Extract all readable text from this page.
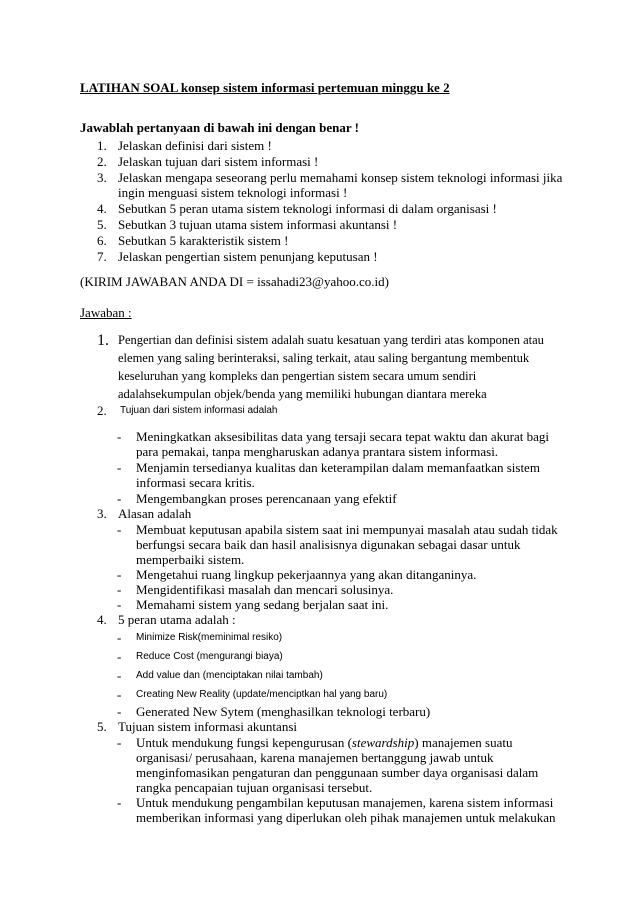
LATIHAN SOAL konsep sistem informasi pertemuan minggu ke 2
Jawablah pertanyaan di bawah ini dengan benar !
1. Jelaskan definisi dari sistem !
2. Jelaskan tujuan dari sistem informasi !
3. Jelaskan mengapa seseorang perlu memahami konsep sistem teknologi informasi jika
ingin menguasi sistem teknologi informasi !
4. Sebutkan 5 peran utama sistem teknologi informasi di dalam organisasi !
5. Sebutkan 3 tujuan utama sistem informasi akuntansi !
6. Sebutkan 5 karakteristik sistem !
7. Jelaskan pengertian sistem penunjang keputusan !
(KIRIM JAWABAN ANDA DI = issahadi23@yahoo.co.id)
Jawaban :
1. Pengertian dan definisi sistem adalah suatu kesatuan yang terdiri atas komponen atau
elemen yang saling berinteraksi, saling terkait, atau saling bergantung membentuk
keseluruhan yang kompleks dan pengertian sistem secara umum sendiri
adalahsekumpulan objek/benda yang memiliki hubungan diantara mereka
2. Tujuan dari sistem informasi adalah
- Meningkatkan aksesibilitas data yang tersaji secara tepat waktu dan akurat bagi
para pemakai, tanpa mengharuskan adanya prantara sistem informasi.
- Menjamin tersedianya kualitas dan keterampilan dalam memanfaatkan sistem
informasi secara kritis.
- Mengembangkan proses perencanaan yang efektif
3. Alasan adalah
- Membuat keputusan apabila sistem saat ini mempunyai masalah atau sudah tidak
berfungsi secara baik dan hasil analisisnya digunakan sebagai dasar untuk
memperbaiki sistem.
- Mengetahui ruang lingkup pekerjaannya yang akan ditanganinya.
- Mengidentifikasi masalah dan mencari solusinya.
- Memahami sistem yang sedang berjalan saat ini.
4. 5 peran utama adalah :
- Minimize Risk(meminimal resiko)
- Reduce Cost (mengurangi biaya)
- Add value dan (menciptakan nilai tambah)
- Creating New Reality (update/menciptkan hal yang baru)
- Generated New Sytem (menghasilkan teknologi terbaru)
5. Tujuan sistem informasi akuntansi
- Untuk mendukung fungsi kepengurusan (stewardship) manajemen suatu
organisasi/ perusahaan, karena manajemen bertanggung jawab untuk
menginfomasikan pengaturan dan penggunaan sumber daya organisasi dalam
rangka pencapaian tujuan organisasi tersebut.
- Untuk mendukung pengambilan keputusan manajemen, karena sistem informasi
memberikan informasi yang diperlukan oleh pihak manajemen untuk melakukan
